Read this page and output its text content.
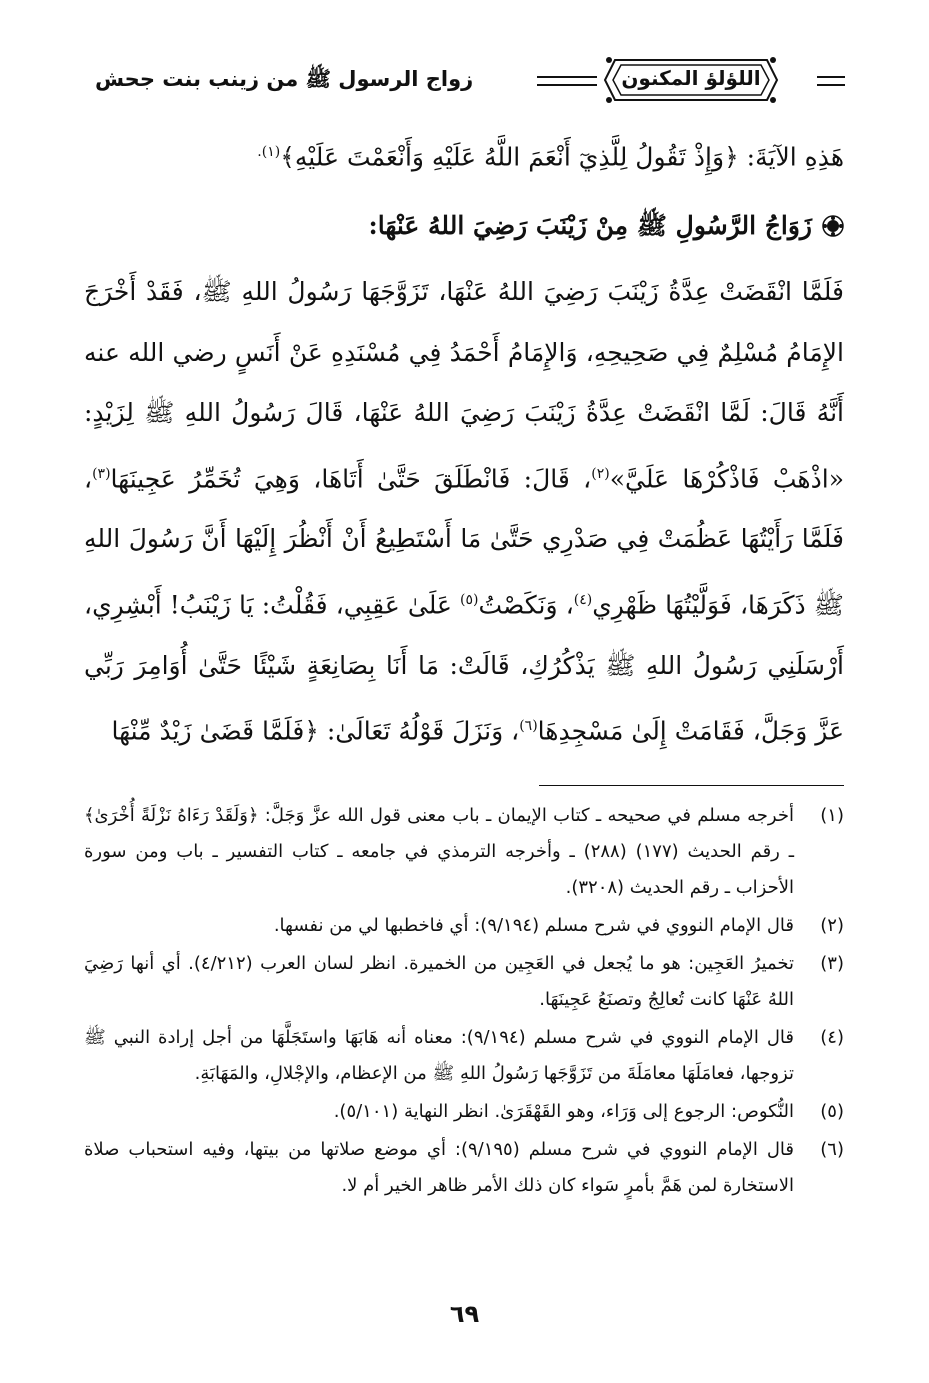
اللؤلؤ المكنون
زواج الرسول ﷺ من زينب بنت جحش
هَذِهِ الآيَةَ: ﴿وَإِذْ تَقُولُ لِلَّذِيٓ أَنْعَمَ اللَّهُ عَلَيْهِ وَأَنْعَمْتَ عَلَيْهِ﴾$^{(١).}$
زَوَاجُ الرَّسُولِ ﷺ مِنْ زَيْنَبَ رَضِيَ اللهُ عَنْهَا:
فَلَمَّا انْقَضَتْ عِدَّةُ زَيْنَبَ رَضِيَ اللهُ عَنْهَا، تَزَوَّجَهَا رَسُولُ اللهِ ﷺ، فَقَدْ أَخْرَجَ الإِمَامُ مُسْلِمٌ فِي صَحِيحِهِ، وَالإِمَامُ أَحْمَدُ فِي مُسْنَدِهِ عَنْ أَنَسٍ رضي الله عنه أَنَّهُ قَالَ: لَمَّا انْقَضَتْ عِدَّةُ زَيْنَبَ رَضِيَ اللهُ عَنْهَا، قَالَ رَسُولُ اللهِ ﷺ لِزَيْدٍ: «اذْهَبْ فَاذْكُرْهَا عَلَيَّ»$^{(٢)}$، قَالَ: فَانْطَلَقَ حَتَّىٰ أَتَاهَا، وَهِيَ تُخَمِّرُ عَجِينَهَا$^{(٣)}$، فَلَمَّا رَأَيْتُهَا عَظُمَتْ فِي صَدْرِي حَتَّىٰ مَا أَسْتَطِيعُ أَنْ أَنْظُرَ إِلَيْهَا أَنَّ رَسُولَ اللهِ ﷺ ذَكَرَهَا، فَوَلَّيْتُهَا ظَهْرِي$^{(٤)}$، وَنَكَصْتُ$^{(٥)}$ عَلَىٰ عَقِبِي، فَقُلْتُ: يَا زَيْنَبُ! أَبْشِرِي، أَرْسَلَنِي رَسُولُ اللهِ ﷺ يَذْكُرُكِ، قَالَتْ: مَا أَنَا بِصَانِعَةٍ شَيْئًا حَتَّىٰ أُوَامِرَ رَبِّي عَزَّ وَجَلَّ، فَقَامَتْ إِلَىٰ مَسْجِدِهَا$^{(٦)}$، وَنَزَلَ قَوْلُهُ تَعَالَىٰ: ﴿فَلَمَّا قَضَىٰ زَيْدٌ مِّنْهَا
(١)
أخرجه مسلم في صحيحه ـ كتاب الإيمان ـ باب معنى قول الله عزَّ وَجَلَّ: ﴿وَلَقَدْ رَءَاهُ نَزْلَةً أُخْرَىٰ﴾ ـ رقم الحديث (١٧٧) (٢٨٨) ـ وأخرجه الترمذي في جامعه ـ كتاب التفسير ـ باب ومن سورة الأحزاب ـ رقم الحديث (٣٢٠٨).
(٢)
قال الإمام النووي في شرح مسلم (٩/١٩٤): أي فاخطبها لي من نفسها.
(٣)
تخميرُ العَجِين: هو ما يُجعل في العَجِين من الخميرة. انظر لسان العرب (٤/٢١٢). أي أنها رَضِيَ اللهُ عَنْهَا كانت تُعالِجُ وتصنَعُ عَجِينَهَا.
(٤)
قال الإمام النووي في شرح مسلم (٩/١٩٤): معناه أنه هَابَهَا واستَجَلَّهَا من أجل إرادة النبي ﷺ تزوجها، فعامَلَهَا معامَلَةَ من تَزَوَّجَها رَسُولُ اللهِ ﷺ من الإعظام، والإجْلالِ، والمَهَابَةِ.
(٥)
النُّكوص: الرجوع إلى وَرَاء، وهو القَهْقَرَىٰ. انظر النهاية (٥/١٠١).
(٦)
قال الإمام النووي في شرح مسلم (٩/١٩٥): أي موضع صلاتها من بيتها، وفيه استحباب صلاة الاستخارة لمن هَمَّ بأمرٍ سَواء كان ذلك الأمر ظاهر الخير أم لا.
٦٩
